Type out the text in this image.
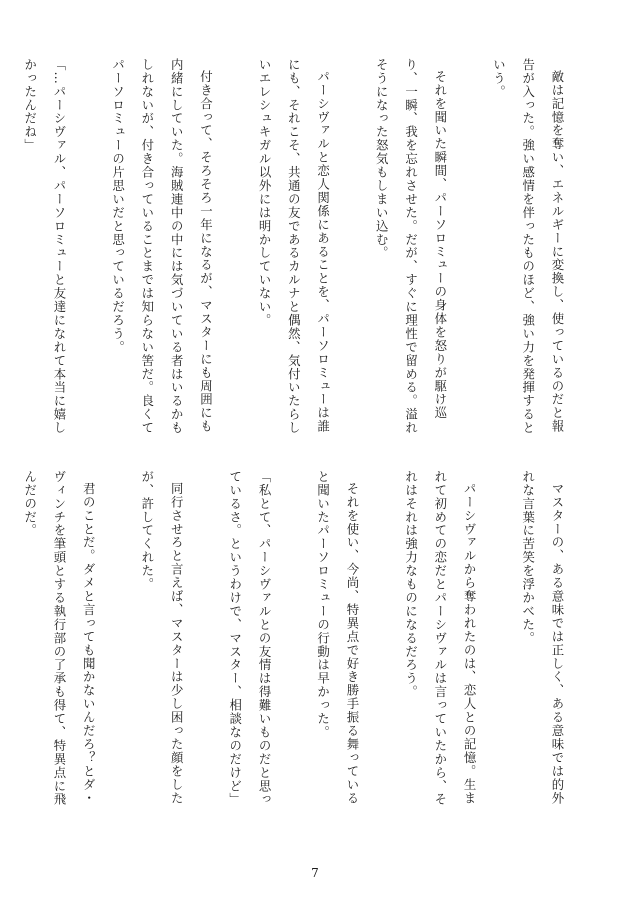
敵は記憶を奪い、エネルギーに変換し、使っているのだと報告が入った。強い感情を伴ったものほど、強い力を発揮するという。

それを聞いた瞬間、パーソロミューの身体を怒りが駆け巡り、一瞬、我を忘れさせた。だが、すぐに理性で留める。溢れそうになった怒気もしまい込む。

パーシヴァルと恋人関係にあることを、パーソロミューは誰にも、それこそ、共通の友であるカルナと偶然、気付いたらしいエレシュキガル以外には明かしていない。

付き合って、そろそろ一年になるが、マスターにも周囲にも内緒にしていた。海賊連中の中には気づいている者はいるかもしれないが、付き合っていることまでは知らない筈だ。良くてパーソロミューの片思いだと思っているだろう。

「…パーシヴァル、パーソロミューと友達になれて本当に嬉しかったんだね」

マスターの、ある意味では正しく、ある意味では的外れな言葉に苦笑を浮かべた。

パーシヴァルから奪われたのは、恋人との記憶。生まれて初めての恋だとパーシヴァルは言っていたから、それはそれは強力なものになるだろう。

それを使い、今尚、特異点で好き勝手振る舞っていると聞いたパーソロミューの行動は早かった。

「私とて、パーシヴァルとの友情は得難いものだと思っているさ。というわけで、マスター、相談なのだけど」

同行させろと言えば、マスターは少し困った顔をしたが、許してくれた。

君のことだ。ダメと言っても聞かないんだろ？とダ・ヴィンチを筆頭とする執行部の了承も得て、特異点に飛んだのだ。

7
